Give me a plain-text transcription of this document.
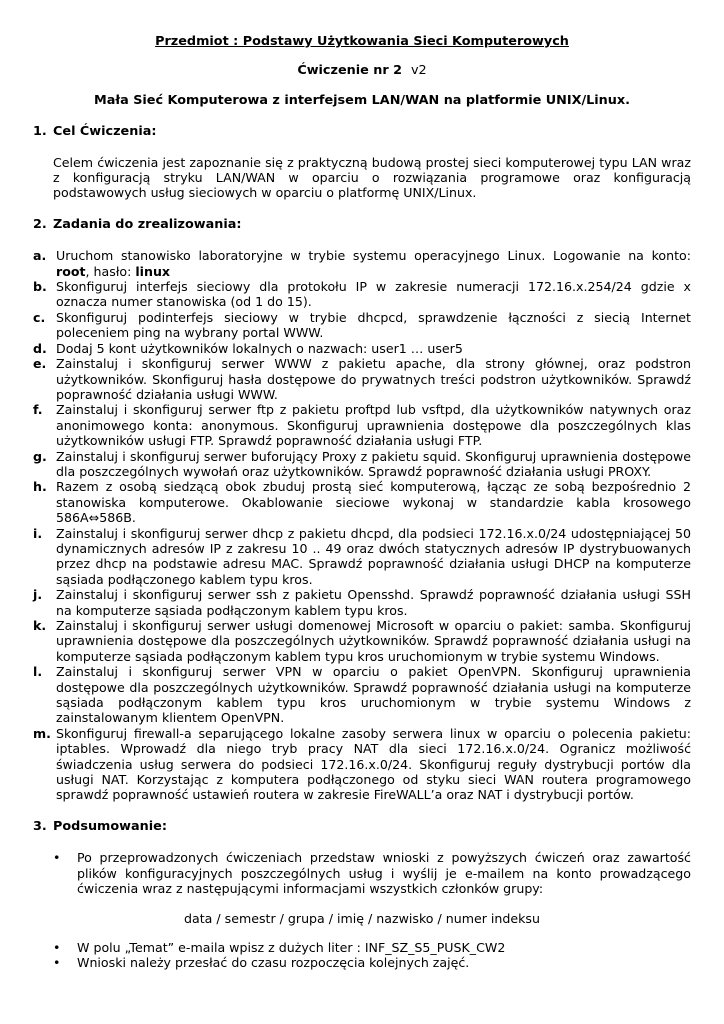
Przedmiot : Podstawy Użytkowania Sieci Komputerowych

Ćwiczenie nr 2 v2
Mała Sieć Komputerowa z interfejsem LAN/WAN na platformie UNIX/Linux.
1. Cel Ćwiczenia:

Celem ćwiczenia jest zapoznanie się z praktyczną budową prostej sieci komputerowej typu LAN wraz z konfiguracją stryku LAN/WAN w oparciu o rozwiązania programowe oraz konfiguracją podstawowych usług sieciowych w oparciu o platformę UNIX/Linux.

2. Zadania do zrealizowania:
a. Uruchom stanowisko laboratoryjne w trybie systemu operacyjnego Linux. Logowanie na konto: root, hasło: linux
b. Skonfiguruj interfejs sieciowy dla protokołu IP w zakresie numeracji 172.16.x.254/24 gdzie x oznacza numer stanowiska (od 1 do 15).
c. Skonfiguruj podinterfejs sieciowy w trybie dhcpcd, sprawdzenie łączności z siecią Internet poleceniem ping na wybrany portal WWW.
d. Dodaj 5 kont użytkowników lokalnych o nazwach: user1 … user5
e. Zainstaluj i skonfiguruj serwer WWW z pakietu apache, dla strony głównej, oraz podstron użytkowników. Skonfiguruj hasła dostępowe do prywatnych treści podstron użytkowników. Sprawdź poprawność działania usługi WWW.
f.	Zainstaluj i skonfiguruj serwer ftp z pakietu proftpd lub vsftpd, dla użytkowników natywnych oraz anonimowego konta: anonymous. Skonfiguruj uprawnienia dostępowe dla poszczególnych klas użytkowników usługi FTP. Sprawdź poprawność działania usługi FTP.
g. Zainstaluj i skonfiguruj serwer buforujący Proxy z pakietu squid. Skonfiguruj uprawnienia dostępowe dla poszczególnych wywołań oraz użytkowników. Sprawdź poprawność działania usługi PROXY.
h. Razem z osobą siedzącą obok zbuduj prostą sieć komputerową, łącząc ze sobą bezpośrednio 2 stanowiska komputerowe. Okablowanie sieciowe wykonaj w standardzie kabla krosowego 586A⇔586B.
i.	Zainstaluj i skonfiguruj serwer dhcp z pakietu dhcpd, dla podsieci 172.16.x.0/24 udostępniającej 50 dynamicznych adresów IP z zakresu 10 .. 49 oraz dwóch statycznych adresów IP dystrybuowanych przez dhcp na podstawie adresu MAC. Sprawdź poprawność działania usługi DHCP na komputerze sąsiada podłączonego kablem typu kros.
j.	Zainstaluj i skonfiguruj serwer ssh z pakietu Opensshd. Sprawdź poprawność działania usługi SSH na komputerze sąsiada podłączonym kablem typu kros.
k. Zainstaluj i skonfiguruj serwer usługi domenowej Microsoft w oparciu o pakiet: samba. Skonfiguruj uprawnienia dostępowe dla poszczególnych użytkowników. Sprawdź poprawność działania usługi na komputerze sąsiada podłączonym kablem typu kros uruchomionym w trybie systemu Windows.
l.	Zainstaluj i skonfiguruj serwer VPN w oparciu o pakiet OpenVPN. Skonfiguruj uprawnienia dostępowe dla poszczególnych użytkowników. Sprawdź poprawność działania usługi na komputerze sąsiada podłączonym kablem typu kros uruchomionym w trybie systemu Windows z zainstalowanym klientem OpenVPN.
m. Skonfiguruj firewall-a separującego lokalne zasoby serwera linux w oparciu o polecenia pakietu: iptables. Wprowadź dla niego tryb pracy NAT dla sieci 172.16.x.0/24. Ogranicz możliwość świadczenia usług serwera do podsieci 172.16.x.0/24. Skonfiguruj reguły dystrybucji portów dla usługi NAT. Korzystając z komputera podłączonego od styku sieci WAN routera programowego sprawdź poprawność ustawień routera w zakresie FireWALL’a oraz NAT i dystrybucji portów.
3. Podsumowanie:
•	Po przeprowadzonych ćwiczeniach przedstaw wnioski z powyższych ćwiczeń oraz zawartość plików konfiguracyjnych poszczególnych usług i wyślij je e-mailem na konto prowadzącego ćwiczenia wraz z następującymi informacjami wszystkich członków grupy:
data / semestr / grupa / imię / nazwisko / numer indeksu
•	W polu „Temat” e-maila wpisz z dużych liter : INF_SZ_S5_PUSK_CW2
•	Wnioski należy przesłać do czasu rozpoczęcia kolejnych zajęć.
